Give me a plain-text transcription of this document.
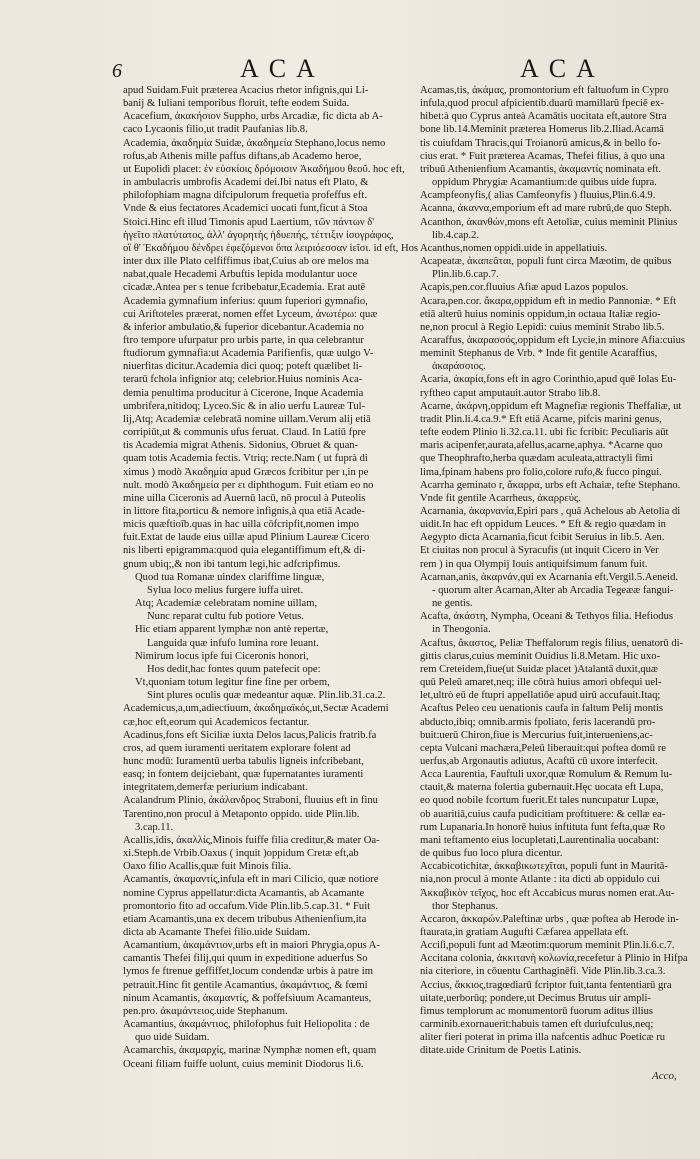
6	ACA	ACA
apud Suidam.Fuit præterea Acacius rhetor infignis,qui Li-
banij & Iuliani temporibus floruit, tefte eodem Suida.
Acacefium, ἀκακήσιον Suppho, urbs Arcadiæ, fic dicta ab A-
caco Lycaonis filio,ut tradit Paufanias lib.8.
Academia, ἀκαδημία Suidæ, ἀκαδημεία Stephano,locus nemo
rofus,ab Athenis mille paffus diftans,ab Academo heroe,
ut Eupolidi placet: ἐν εὐσκίοις δρόμοισιν Ἀκαδήμου θεοῦ. hoc eft,
in ambulacris umbrofis Academi dei.Ibi natus eft Plato, &
philofophiam magna difcipulorum frequetia profeffus eft.
Vnde & eius fectatores Academici uocati funt,ficut à Stoa
Stoici.Hinc eft illud Timonis apud Laertium, τῶν πάντων δ'
ἡγεῖτο πλατύτατος, ἀλλ' ἀγορητὴς ἡδυεπής, τέττιξιν ἰσογράφος,
οἳ θ' Ἑκαδήμου δένδρει ἐφεζόμενοι ὄπα λειριόεσσαν ἱεῖσι. id eft, Hos
inter dux ille Plato celfiffimus ibat,Cuius ab ore melos ma
nabat,quale Hecademi Arbuftis lepida modulantur uoce
cicadæ.Antea per s tenue fcribebatur,Ecademia. Erat autē
Academia gymnafium inferius: quum fuperiori gymnafio,
cui Ariftoteles præerat, nomen effet Lyceum, ἀνωτέρω: quæ
& inferior ambulatio,& fuperior dicebantur.Academia no
ftro tempore ufurpatur pro urbis parte, in qua celebrantur
ftudiorum gymnafia:ut Academia Parifienfis, quæ uulgo V-
niuerfitas dicitur.Academia dici quoq; poteft quælibet li-
terarū fchola infignior atq; celebrior.Huius nominis Aca-
demia penultima producitur à Cicerone, Inque Academia
umbrifera,nitidoq; Lyceo.Sic & in alio uerfu Laureæ Tul-
lij,Atq; Academiæ celebratā nomine uillam.Verum alij etiā
corripiūt,ut & communis ufus feruat. Claud. In Latiū fpre
tis Academia migrat Athenis. Sidonius, Obruet & quan-
quam totis Academia fectis. Vtriq; recte.Nam ( ut fuprà di
ximus ) modò Ἀκαδημία apud Græcos fcribitur per ι,in pe
nult. modò Ἀκαδημεία per ει diphthogum. Fuit etiam eo no
mine uilla Ciceronis ad Auernū lacū, nō procul à Puteolis
in littore fita,porticu & nemore infignis,à qua etiā Acade-
micis quæftioīb.quas in hac uilla cōfcripfit,nomen impo
fuit.Extat de laude eius uillæ apud Plinium Laureæ Cicero
nis liberti epigramma:quod quia elegantiffimum eft,& di-
gnum ubiq;,& non ibi tantum legi,hic adfcripfimus.
Quod tua Romanæ uindex clariffime linguæ,
Sylua loco melius furgere iuffa uiret.
Atq; Academiæ celebratam nomine uillam,
Nunc reparat cultu fub potiore Vetus.
Hic etiam apparent lymphæ non antè repertæ,
Languida quæ infufo lumina rore leuant.
Nimirum locus ipfe fui Ciceronis honori,
Hos dedit,hac fontes quum patefecit ope:
Vt,quoniam totum legitur fine fine per orbem,
Sint plures oculis quæ medeantur aquæ. Plin.lib.31.ca.2.
Academicus,a,um,adiectiuum, ἀκαδημαϊκός,ut,Sectæ Academi
cæ,hoc eft,eorum qui Academicos fectantur.
Acadinus,fons eft Siciliæ iuxta Delos lacus,Palicis fratrib.fa
cros, ad quem iuramenti ueritatem explorare folent ad
hunc modū: Iuramentū uerba tabulis ligneis infcribebant,
easq; in fontem deijciebant, quæ fupernatantes iuramenti
integritatem,demerfæ periurium indicabant.
Acalandrum Plinio, ἀκάλανδρος Straboni, fluuius eft in finu
Tarentino,non procul à Metaponto oppido. uide Plin.lib.
3.cap.11.
Acallis,idis, ἀκαλλίς,Minois fuiffe filia creditur,& mater Oa-
xi.Steph.de Vrbib.Oaxus ( inquit )oppidum Cretæ eft,ab
Oaxo filio Acallis,quæ fuit Minois filia.
Acamantis, ἀκαμαντίς,infula eft in mari Cilicio, quæ notiore
nomine Cyprus appellatur:dicta Acamantis, ab Acamante
promontorio fito ad occafum.Vide Plin.lib.5.cap.31. * Fuit
etiam Acamantis,una ex decem tribubus Athenienfium,ita
dicta ab Acamante Thefei filio.uide Suidam.
Acamantium, ἀκαμάντιον,urbs eft in maiori Phrygia,opus A-
camantis Thefei filij,qui quum in expeditione aduerfus So
lymos fe ftrenue geffiffet,locum condendæ urbis à patre im
petrauit.Hinc fit gentile Acamantius, ἀκαμάντιος, & fœmi
ninum Acamantis, ἀκαμαντίς, & poffefsiuum Acamanteus,
pen.pro. ἀκαμάντειος.uide Stephanum.
Acamantius, ἀκαμάντιος, philofophus fuit Heliopolita : de
quo uide Suidam.
Acamarchis, ἀκαμαρχίς, marinæ Nymphæ nomen eft, quam
Oceani filiam fuiffe uolunt, cuius meminit Diodorus li.6.
Acamas,tis, ἀκάμας, promontorium eft faltuofum in Cypro
infula,quod procul afpicientib.duarū mamillarū fpeciē ex-
hibet:à quo Cyprus anteà Acamātis uocitata eft,autore Stra
bone lib.14.Meminit præterea Homerus lib.2.Iliad.Acamā
tis cuiufdam Thracis,qui Troianorū amicus,& in bello fo-
cius erat. * Fuit præterea Acamas, Thefei filius, à quo una
tribuū Athenienfium Acamantis, ἀκαμαντίς nominata eft.
oppidum Phrygiæ Acamantium:de quibus uide fupra.
Acampfeonyfis,( alias Camfeonyfis ) fluuius,Plin.6.4.9.
Acanna, ἀκαννα,emporium eft ad mare rubrū,de quo Steph.
Acanthon, ἀκανθών,mons eft Aetoliæ, cuius meminit Plinius
lib.4.cap.2.
Acanthus,nomen oppidi.uide in appellatiuis.
Acapeatæ, ἀκαπεᾶται, populi funt circa Mæotim, de quibus
Plin.lib.6.cap.7.
Acapis,pen.cor.fluuius Afiæ apud Lazos populos.
Acara,pen.cor. ἄκαρα,oppidum eft in medio Pannoniæ. * Eft
etiā alterū huius nominis oppidum,in octaua Italiæ regio-
ne,non procul à Regio Lepidi: cuius meminit Strabo lib.5.
Acaraffus, ἀκαρασσός,oppidum eft Lycie,in minore Afia:cuius
meminit Stephanus de Vrb. * Inde fit gentile Acaraffius,
ἀκαράσσιος.
Acaria, ἀκαρία,fons eft in agro Corinthio,apud quē Iolas Eu-
ryftheo caput amputauit.autor Strabo lib.8.
Acarne, ἀκάρνη,oppidum eft Magnefiæ regionis Theffaliæ, ut
tradit Plin.li.4.ca.9.* Eft etiā Acarne, pifcis marini genus,
tefte eodem Plinio li.32.ca.11. ubi fic fcribit: Peculiaris aūt
maris acipenfer,aurata,afellus,acarne,aphya. *Acarne quo
que Theophrafto,herba quædam aculeata,attractyli fimi
lima,fpinam habens pro folio,colore rufo,& fucco pingui.
Acarrha geminato r, ἄκαρρα, urbs eft Achaiæ, tefte Stephano.
Vnde fit gentile Acarrheus, ἀκαρρεύς.
Acarnania, ἀκαρνανία,Epiri pars , quā Achelous ab Aetolia di
uidit.In hac eft oppidum Leuces. * Eft & regio quædam in
Aegypto dicta Acarnania,ficut fcibit Seruius in lib.5. Aen.
Et ciuitas non procul à Syracufis (ut inquit Cicero in Ver
rem ) in qua Olympij Iouis antiquifsimum fanum fuit.
Acarnan,anis, ἀκαρνάν,qui ex Acarnania eft.Vergil.5.Aeneid.
- quorum alter Acarnan,Alter ab Arcadia Tegeææ fangui-
ne gentis.
Acafta, ἀκάστη, Nympha, Oceani & Tethyos filia. Hefiodus
in Theogonia.
Acaftus, ἄκαστος, Peliæ Theffalorum regis filius, uenatorū di-
gittis clarus,cuius meminit Ouidius li.8.Metam. Hic uxo-
rem Creteidem,fiue(ut Suidæ placet )Atalantā duxit,quæ
quū Peleū amaret,neq; ille cōtrà huius amori obfequi uel-
let,ultrò eū de ftupri appellatiōe apud uirū accufauit.Itaq;
Acaftus Peleo ceu uenationis caufa in faltum Pelij montis
abducto,ibiq; omnib.armis fpoliato, feris lacerandū pro-
buit:uerū Chiron,fiue is Mercurius fuit,interueniens,ac-
cepta Vulcani machæra,Peleū liberauit:qui poftea domū re
uerfus,ab Argonautis adiutus, Acaftū cū uxore interfecit.
Acca Laurentia, Fauftuli uxor,quæ Romulum & Remum lu-
ctauit,& materna folertia gubernauit.Hęc uocata eft Lupa,
eo quod nobile fcortum fuerit.Et tales nuncupatur Lupæ,
ob auaritiā,cuius caufa pudicitiam proftituere: & cellæ ea-
rum Lupanaria.In honorē huius inftituta funt fefta,quæ Ro
mani teftamento eius locupletati,Laurentinalia uocabant:
de quibus fuo loco plura dicentur.
Accabicotichitæ, ἀκκαβικωτεχῖται, populi funt in Mauritā-
nia,non procul à monte Atlante : ita dicti ab oppidulo cui
Ἀκκαβικὸν τεῖχος, hoc eft Accabicus murus nomen erat.Au-
thor Stephanus.
Accaron, ἀκκαρών.Paleftinæ urbs , quæ poftea ab Herode in-
ftaurata,in gratiam Augufti Cæfarea appellata eft.
Acciſi,populi funt ad Mæotim:quorum meminit Plin.li.6.c.7.
Accitana colonia, ἀκκιτανὴ κολωνία,recefetur à Plinio in Hifpa
nia citeriore, in cōuentu Carthaginēfi. Vide Plin.lib.3.ca.3.
Accius, ἄκκιος,tragœdiarū fcriptor fuit,tanta fententiarū gra
uitate,uerborūq; pondere,ut Decimus Brutus uir ampli-
fimus templorum ac monumentorū fuorum aditus illius
carminib.exornauerit:habuis tamen eft duriufculus,neq;
aliter fieri poterat in prima illa nafcentis adhuc Poeticæ ru
ditate.uide Crinitum de Poetis Latinis.
Acco,
